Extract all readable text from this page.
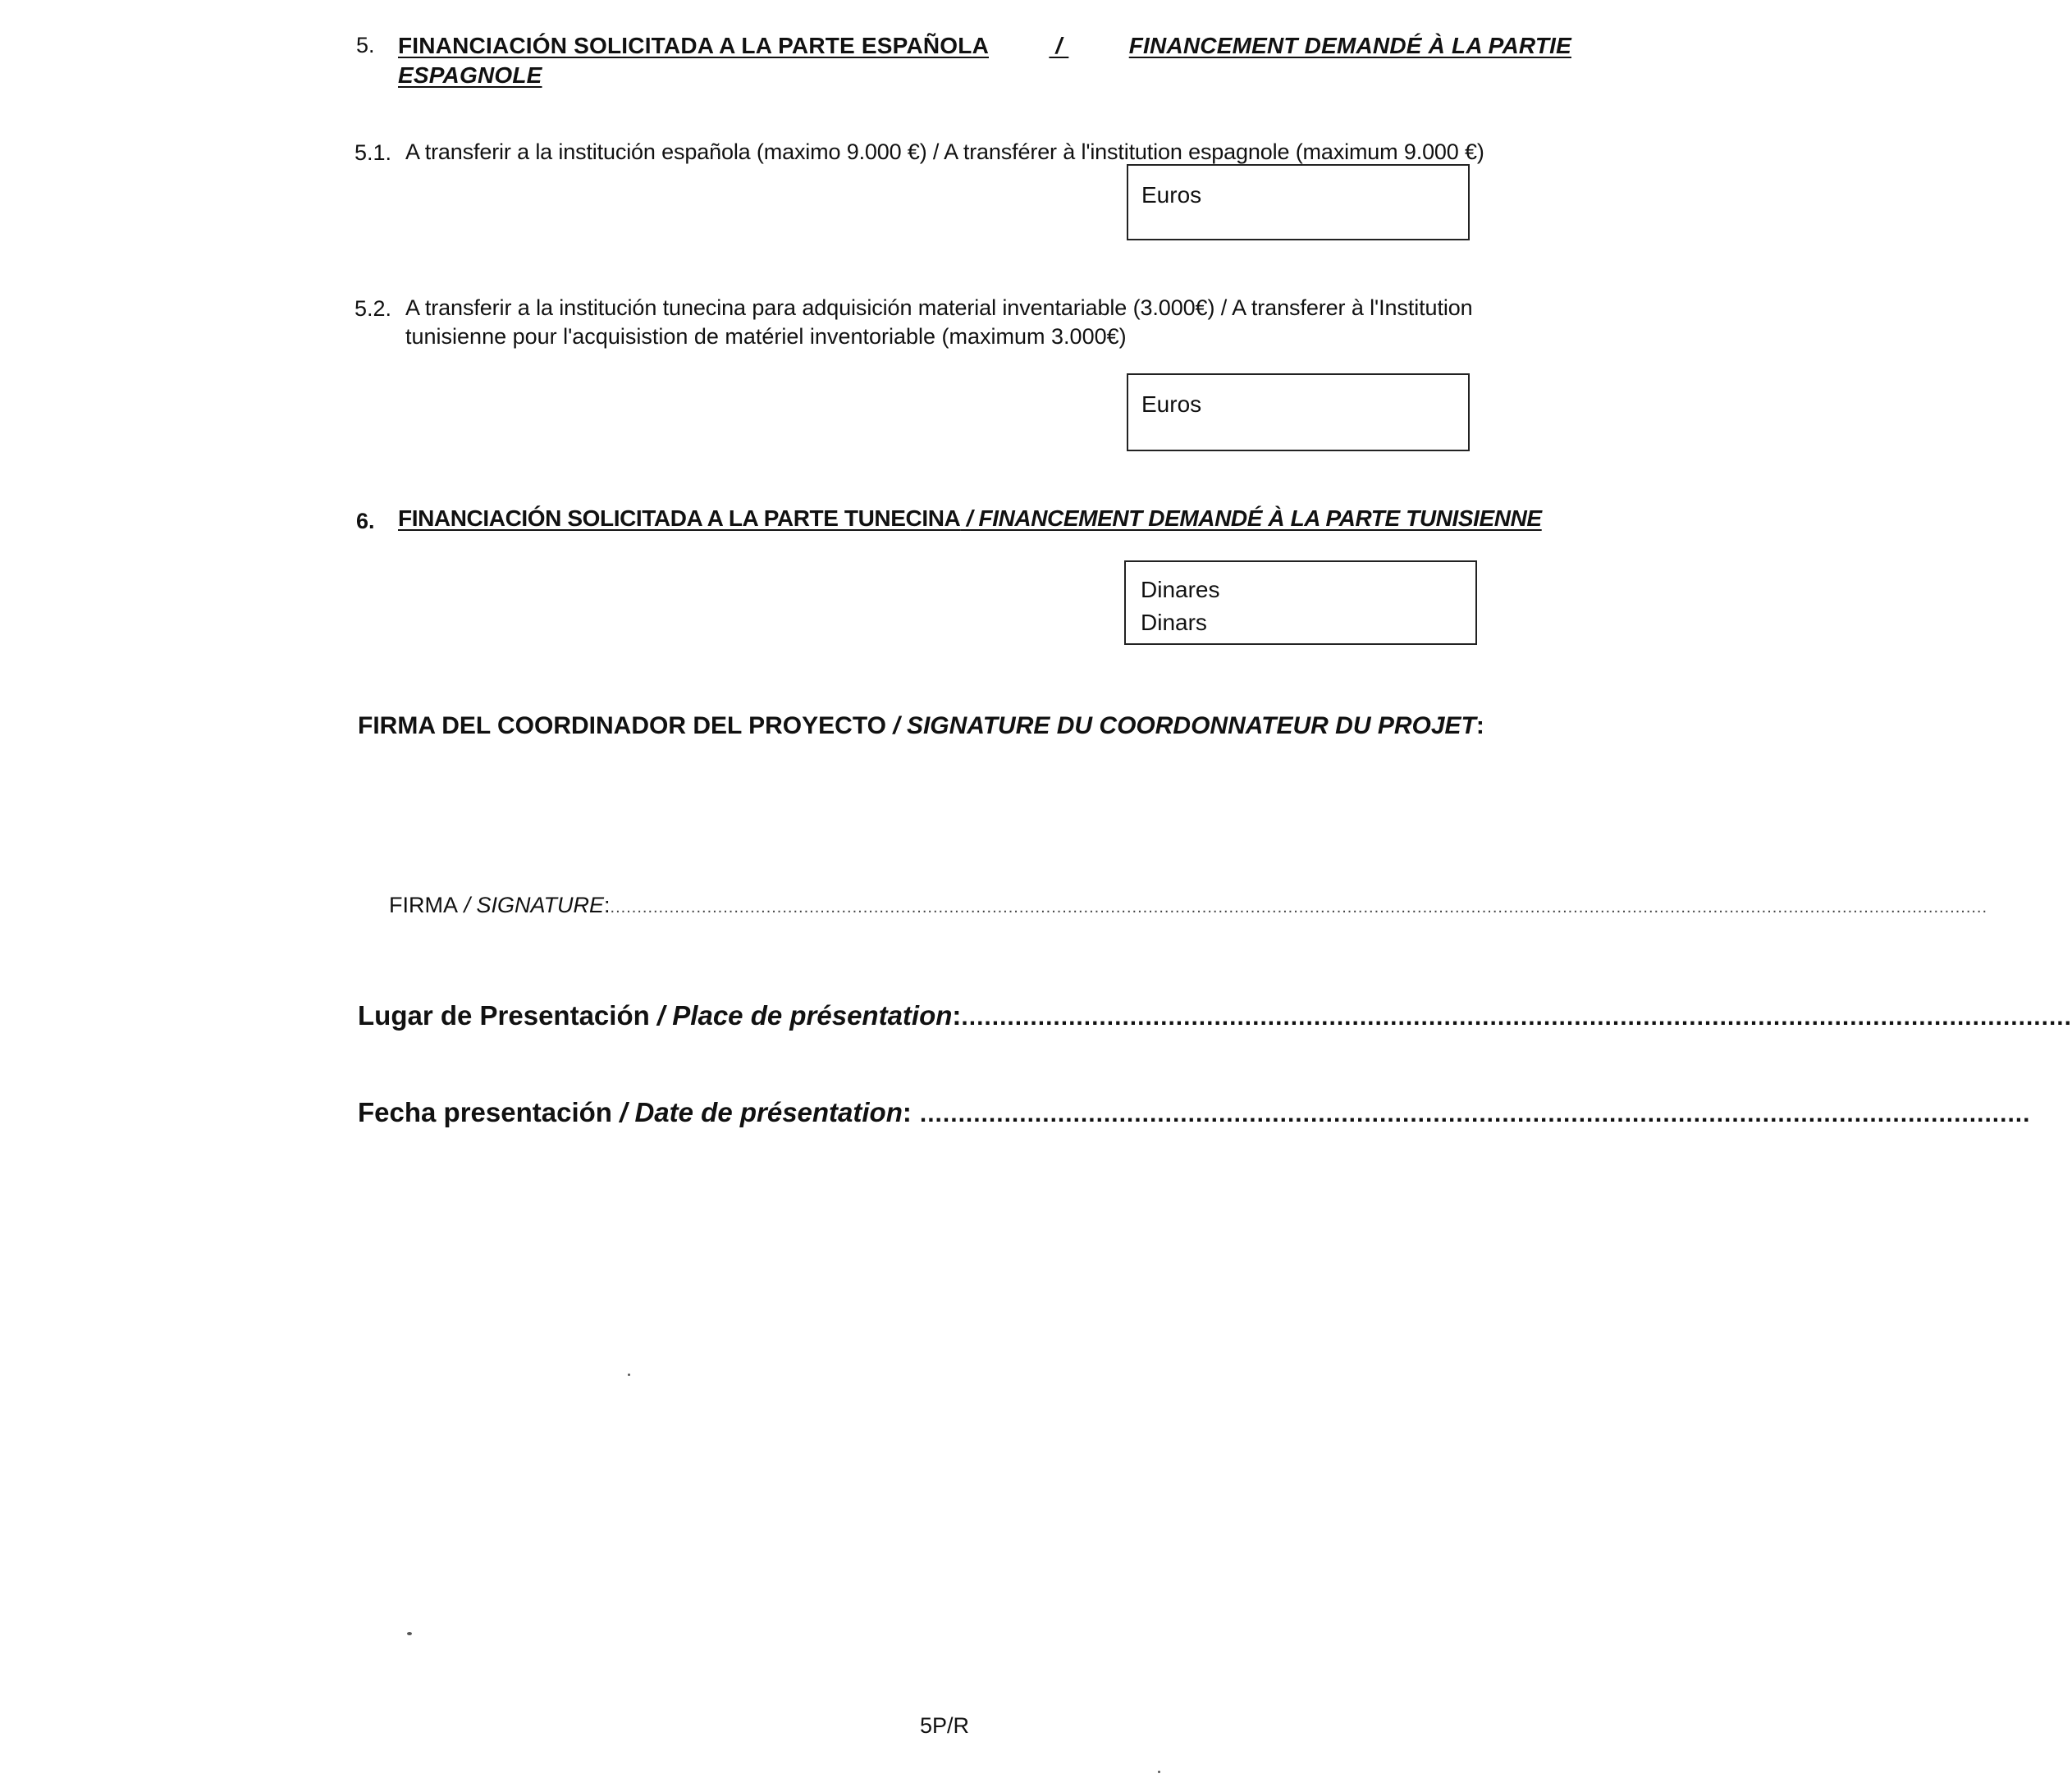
5. FINANCIACIÓN SOLICITADA A LA PARTE ESPAÑOLA	/	FINANCEMENT DEMANDÉ À LA PARTIE
ESPAGNOLE
5.1. A transferir a la institución española (maximo 9.000 €) / A transférer à l'institution espagnole (maximum 9.000 €)
Euros
5.2. A transferir a la institución tunecina para adquisición material inventariable (3.000€) / A transferer à l'Institution
tunisienne pour l'acquisistion de matériel inventoriable (maximum 3.000€)
Euros
6. FINANCIACIÓN SOLICITADA A LA PARTE TUNECINA / FINANCEMENT DEMANDÉ À LA PARTE TUNISIENNE
Dinares
Dinars
FIRMA DEL COORDINADOR DEL PROYECTO / SIGNATURE DU COORDONNATEUR DU PROJET:
FIRMA / SIGNATURE : ................................................................................................................................................................................................................................................................
Lugar de Presentación / Place de présentation : .................................................................................................................................................
Fecha presentación / Date de présentation : .................................................................................................................................................
5P/R
